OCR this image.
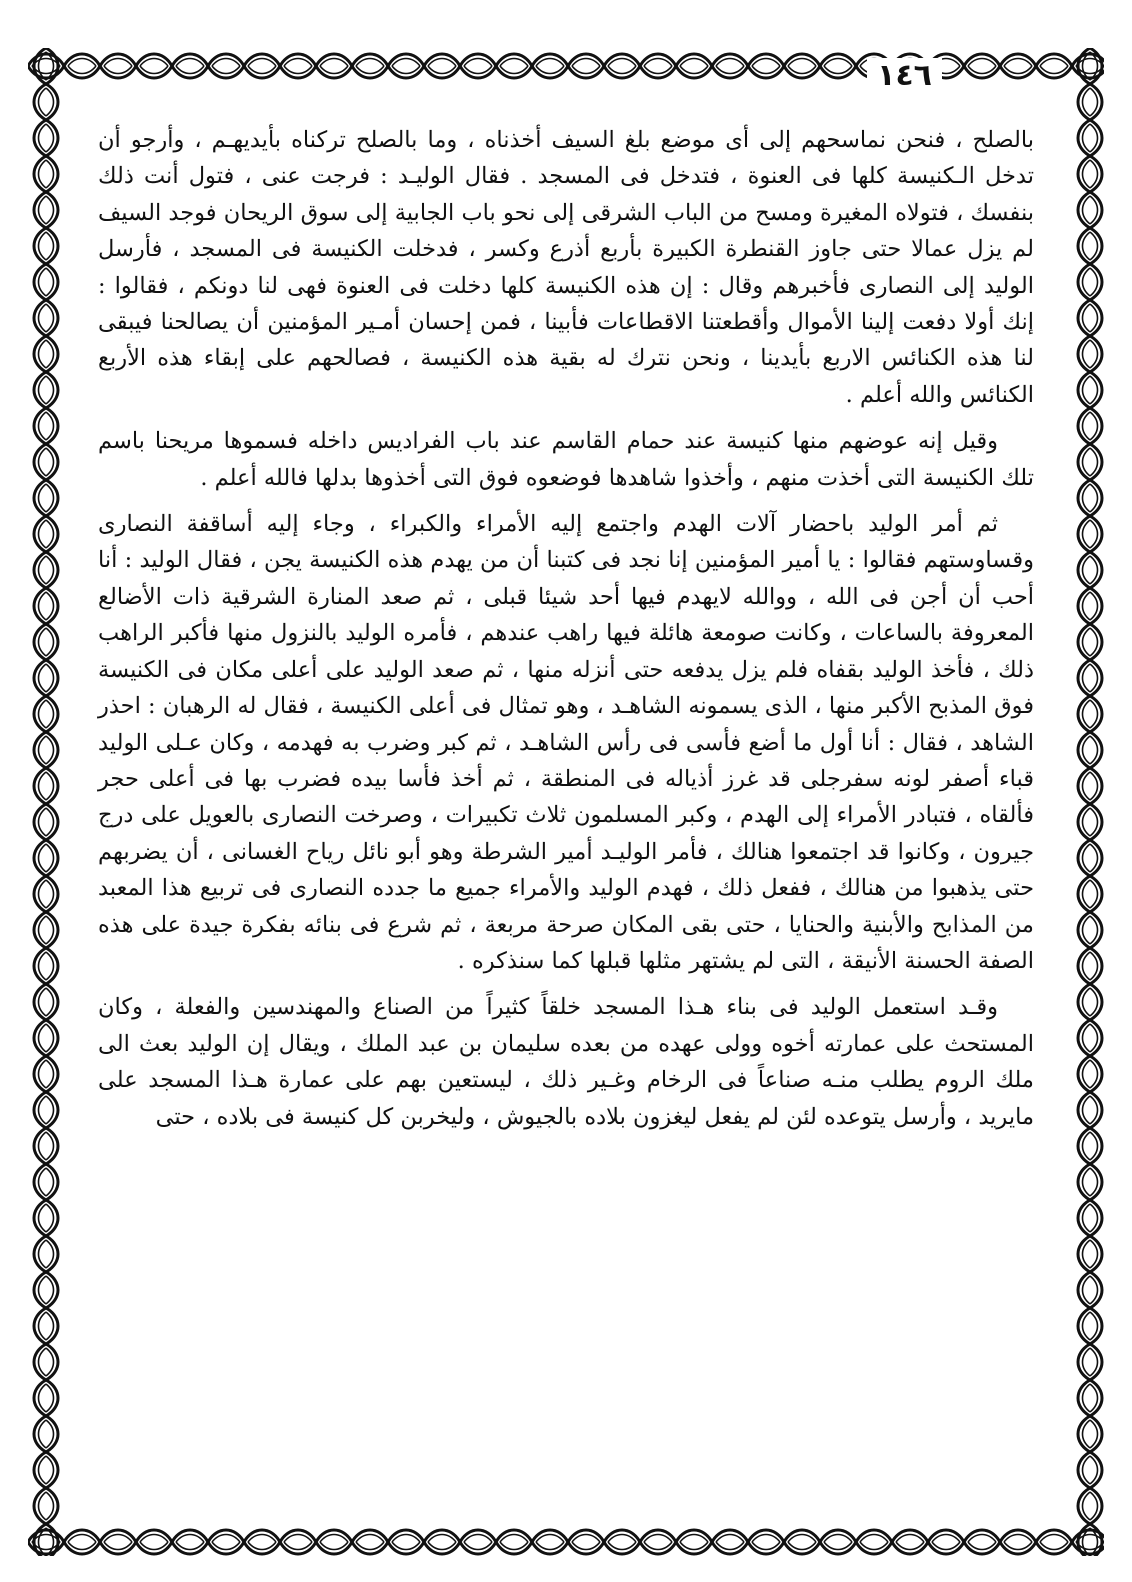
١٤٦

بالصلح ، فنحن نماسحهم إلى أى موضع بلغ السيف أخذناه ، وما بالصلح تركناه بأيديهـم ، وأرجو أن تدخل الـكنيسة كلها فى العنوة ، فتدخل فى المسجد . فقال الوليـد : فرجت عنى ، فتول أنت ذلك بنفسك ، فتولاه المغيرة ومسح من الباب الشرقى إلى نحو باب الجابية إلى سوق الريحان فوجد السيف لم يزل عمالا حتى جاوز القنطرة الكبيرة بأربع أذرع وكسر ، فدخلت الكنيسة فى المسجد ، فأرسل الوليد إلى النصارى فأخبرهم وقال : إن هذه الكنيسة كلها دخلت فى العنوة فهى لنا دونكم ، فقالوا : إنك أولا دفعت إلينا الأموال وأقطعتنا الاقطاعات فأبينا ، فمن إحسان أمـير المؤمنين أن يصالحنا فيبقى لنا هذه الكنائس الاربع بأيدينا ، ونحن نترك له بقية هذه الكنيسة ، فصالحهم على إبقاء هذه الأربع الكنائس والله أعلم .

وقيل إنه عوضهم منها كنيسة عند حمام القاسم عند باب الفراديس داخله فسموها مريحنا باسم تلك الكنيسة التى أخذت منهم ، وأخذوا شاهدها فوضعوه فوق التى أخذوها بدلها فالله أعلم .

ثم أمر الوليد باحضار آلات الهدم واجتمع إليه الأمراء والكبراء ، وجاء إليه أساقفة النصارى وقساوستهم فقالوا : يا أمير المؤمنين إنا نجد فى كتبنا أن من يهدم هذه الكنيسة يجن ، فقال الوليد : أنا أحب أن أجن فى الله ، ووالله لايهدم فيها أحد شيئا قبلى ، ثم صعد المنارة الشرقية ذات الأضالع المعروفة بالساعات ، وكانت صومعة هائلة فيها راهب عندهم ، فأمره الوليد بالنزول منها فأكبر الراهب ذلك ، فأخذ الوليد بقفاه فلم يزل يدفعه حتى أنزله منها ، ثم صعد الوليد على أعلى مكان فى الكنيسة فوق المذبح الأكبر منها ، الذى يسمونه الشاهـد ، وهو تمثال فى أعلى الكنيسة ، فقال له الرهبان : احذر الشاهد ، فقال : أنا أول ما أضع فأسى فى رأس الشاهـد ، ثم كبر وضرب به فهدمه ، وكان عـلى الوليد قباء أصفر لونه سفرجلى قد غرز أذياله فى المنطقة ، ثم أخذ فأسا بيده فضرب بها فى أعلى حجر فألقاه ، فتبادر الأمراء إلى الهدم ، وكبر المسلمون ثلاث تكبيرات ، وصرخت النصارى بالعويل على درج جيرون ، وكانوا قد اجتمعوا هنالك ، فأمر الوليـد أمير الشرطة وهو أبو نائل رياح الغسانى ، أن يضربهم حتى يذهبوا من هنالك ، ففعل ذلك ، فهدم الوليد والأمراء جميع ما جدده النصارى فى تربيع هذا المعبد من المذابح والأبنية والحنايا ، حتى بقى المكان صرحة مربعة ، ثم شرع فى بنائه بفكرة جيدة على هذه الصفة الحسنة الأنيقة ، التى لم يشتهر مثلها قبلها كما سنذكره .

وقـد استعمل الوليد فى بناء هـذا المسجد خلقاً كثيراً من الصناع والمهندسين والفعلة ، وكان المستحث على عمارته أخوه وولى عهده من بعده سليمان بن عبد الملك ، ويقال إن الوليد بعث الى ملك الروم يطلب منـه صناعاً فى الرخام وغـير ذلك ، ليستعين بهم على عمارة هـذا المسجد على مايريد ، وأرسل يتوعده لئن لم يفعل ليغزون بلاده بالجيوش ، وليخربن كل كنيسة فى بلاده ، حتى
